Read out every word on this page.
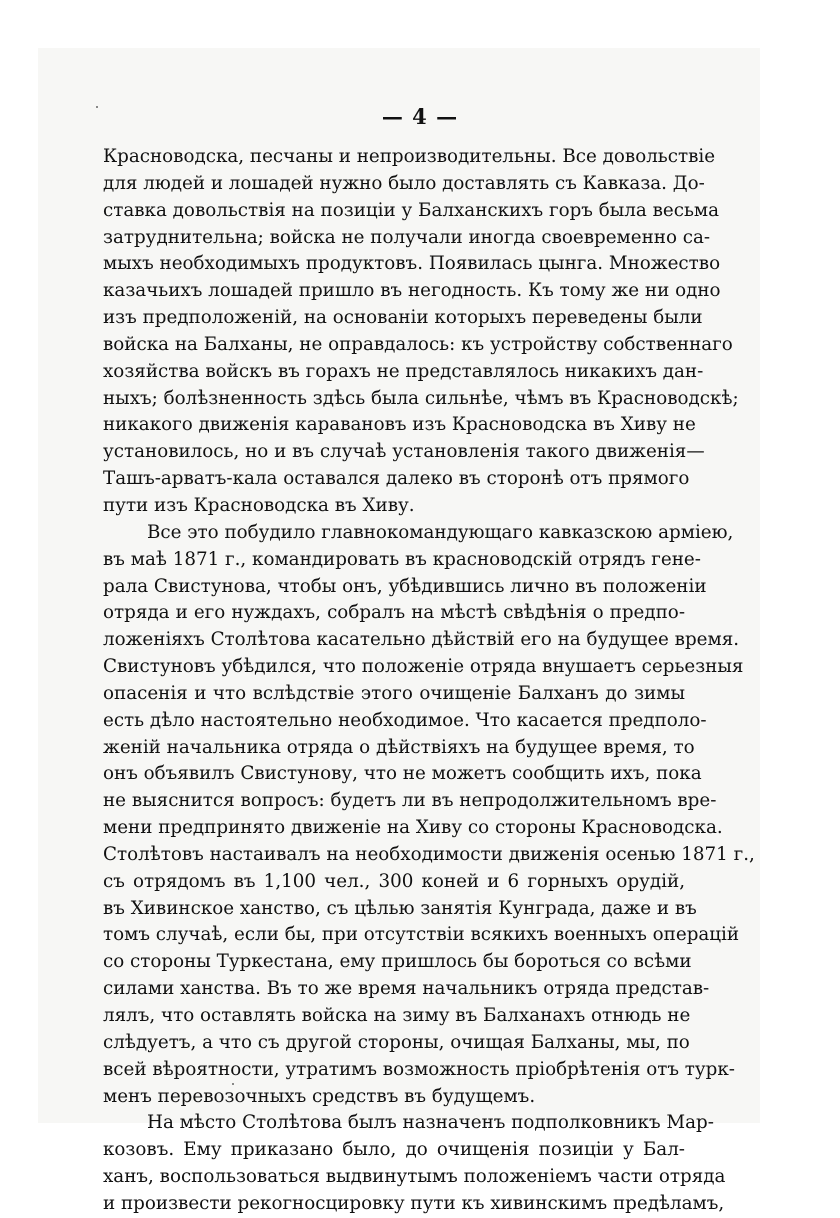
— 4 —
Красноводска, песчаны и непроизводительны. Все довольствіе
для людей и лошадей нужно было доставлять съ Кавказа. До-
ставка довольствія на позиціи у Балханскихъ горъ была весьма
затруднительна; войска не получали иногда своевременно са-
мыхъ необходимыхъ продуктовъ. Появилась цынга. Множество
казачьихъ лошадей пришло въ негодность. Къ тому же ни одно
изъ предположеній, на основаніи которыхъ переведены были
войска на Балханы, не оправдалось: къ устройству собственнаго
хозяйства войскъ въ горахъ не представлялось никакихъ дан-
ныхъ; болѣзненность здѣсь была сильнѣе, чѣмъ въ Красноводскѣ;
никакого движенія каравановъ изъ Красноводска въ Хиву не
установилось, но и въ случаѣ установленія такого движенія—
Ташъ-арватъ-кала оставался далеко въ сторонѣ отъ прямого
пути изъ Красноводска въ Хиву.
Все это побудило главнокомандующаго кавказскою арміею,
въ маѣ 1871 г., командировать въ красноводскій отрядъ гене-
рала Свистунова, чтобы онъ, убѣдившись лично въ положеніи
отряда и его нуждахъ, собралъ на мѣстѣ свѣдѣнія о предпо-
ложеніяхъ Столѣтова касательно дѣйствій его на будущее время.
Свистуновъ убѣдился, что положеніе отряда внушаетъ серьезныя
опасенія и что вслѣдствіе этого очищеніе Балханъ до зимы
есть дѣло настоятельно необходимое. Что касается предполо-
женій начальника отряда о дѣйствіяхъ на будущее время, то
онъ объявилъ Свистунову, что не можетъ сообщить ихъ, пока
не выяснится вопросъ: будетъ ли въ непродолжительномъ вре-
мени предпринято движеніе на Хиву со стороны Красноводска.
Столѣтовъ настаивалъ на необходимости движенія осенью 1871 г.,
съ отрядомъ въ 1,100 чел., 300 коней и 6 горныхъ орудій,
въ Хивинское ханство, съ цѣлью занятія Кунграда, даже и въ
томъ случаѣ, если бы, при отсутствіи всякихъ военныхъ операцій
со стороны Туркестана, ему пришлось бы бороться со всѣми
силами ханства. Въ то же время начальникъ отряда представ-
лялъ, что оставлять войска на зиму въ Балханахъ отнюдь не
слѣдуетъ, а что съ другой стороны, очищая Балханы, мы, по
всей вѣроятности, утратимъ возможность пріобрѣтенія отъ турк-
менъ перевозочныхъ средствъ въ будущемъ.
На мѣсто Столѣтова былъ назначенъ подполковникъ Мар-
козовъ. Ему приказано было, до очищенія позиціи у Бал-
ханъ, воспользоваться выдвинутымъ положеніемъ части отряда
и произвести рекогносцировку пути къ хивинскимъ предѣламъ,
